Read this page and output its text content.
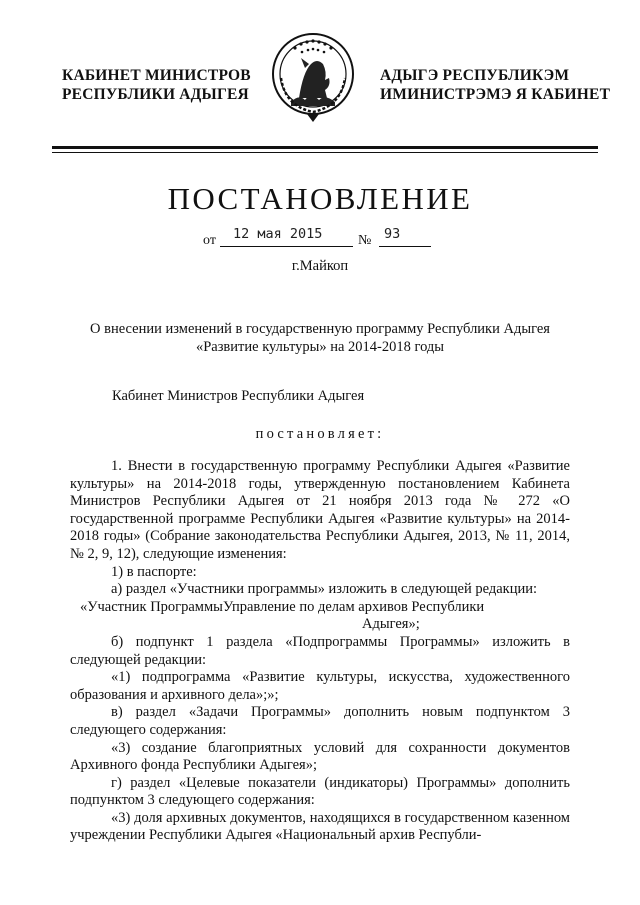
КАБИНЕТ МИНИСТРОВ
РЕСПУБЛИКИ АДЫГЕЯ
АДЫГЭ РЕСПУБЛИКЭМ
ИМИНИСТРЭМЭ Я КАБИНЕТ
ПОСТАНОВЛЕНИЕ
от 12 мая 2015	№ 93
г.Майкоп
О внесении изменений в государственную программу Республики Адыгея
«Развитие культуры» на 2014-2018 годы
Кабинет Министров Республики Адыгея
постановляет:

1. Внести в государственную программу Республики Адыгея «Развитие культуры» на 2014-2018 годы, утвержденную постановлением Кабинета Министров Республики Адыгея от 21 ноября 2013 года № 272 «О государственной программе Республики Адыгея «Развитие культуры» на 2014-2018 годы» (Собрание законодательства Республики Адыгея, 2013, № 11, 2014, № 2, 9, 12), следующие изменения:

1) в паспорте:

а) раздел «Участники программы» изложить в следующей редакции:

«Участник Программы Управление по делам архивов Республики
Адыгея»;

б) подпункт 1 раздела «Подпрограммы Программы» изложить в следующей редакции:

«1) подпрограмма «Развитие культуры, искусства, художественного образования и архивного дела»;»;

в) раздел «Задачи Программы» дополнить новым подпунктом 3 следующего содержания:

«3) создание благоприятных условий для сохранности документов Архивного фонда Республики Адыгея»;

г) раздел «Целевые показатели (индикаторы) Программы» дополнить подпунктом 3 следующего содержания:

«3) доля архивных документов, находящихся в государственном казенном учреждении Республики Адыгея «Национальный архив Республи-
